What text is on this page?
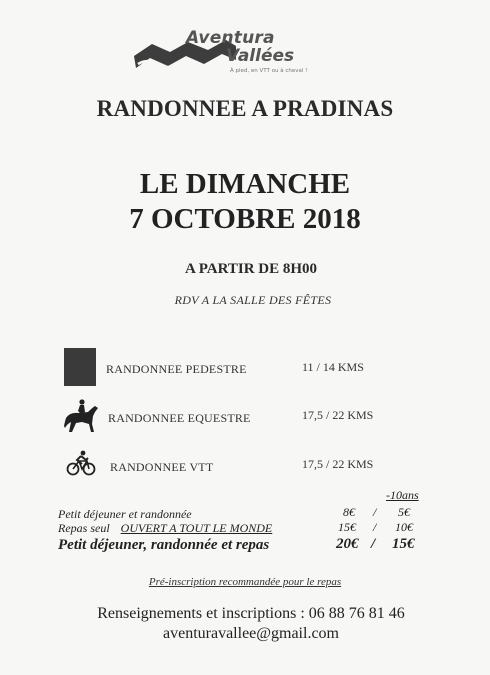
Aventura
Vallées
À pied, en VTT ou à cheval !
RANDONNEE A PRADINAS
LE DIMANCHE
7 OCTOBRE 2018
A PARTIR DE 8H00
RDV A LA SALLE DES FÊTES
RANDONNEE PEDESTRE	11 / 14 KMS
RANDONNEE EQUESTRE	17,5 / 22 KMS
RANDONNEE VTT	17,5 / 22 KMS
-10ans
Petit déjeuner et randonnée	8€ / 5€
Repas seul OUVERT A TOUT LE MONDE	15€ / 10€
Petit déjeuner, randonnée et repas	20€ / 15€
Pré-inscription recommandée pour le repas
Renseignements et inscriptions : 06 88 76 81 46
aventuravallee@gmail.com
